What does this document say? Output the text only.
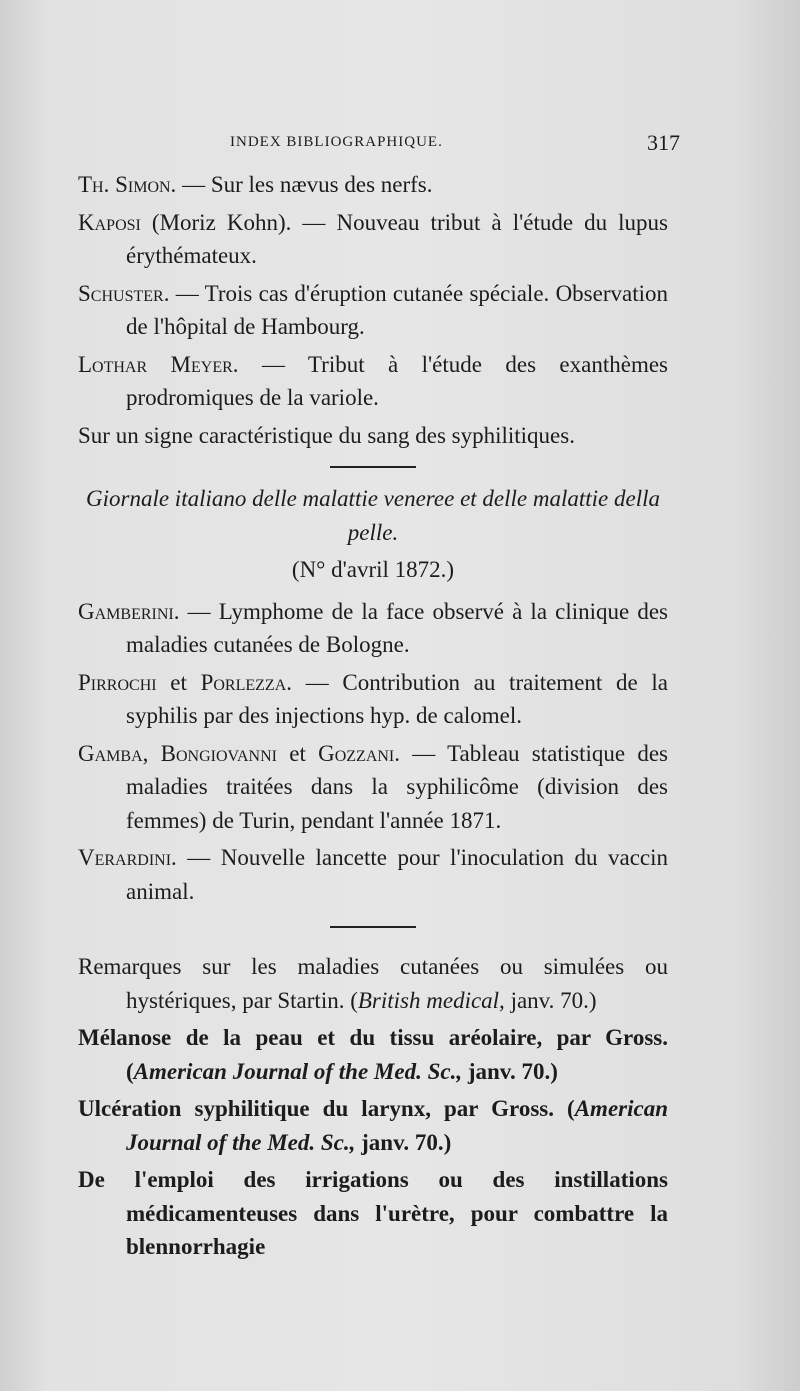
INDEX BIBLIOGRAPHIQUE.	317

Th. Simon. — Sur les nævus des nerfs.

Kaposi (Moriz Kohn). — Nouveau tribut à l'étude du lupus érythémateux.

Schuster. — Trois cas d'éruption cutanée spéciale. Observation de l'hôpital de Hambourg.

Lothar Meyer. — Tribut à l'étude des exanthèmes prodromiques de la variole.

Sur un signe caractéristique du sang des syphilitiques.

Giornale italiano delle malattie veneree et delle malattie della pelle.

(N° d'avril 1872.)

Gamberini. — Lymphome de la face observé à la clinique des maladies cutanées de Bologne.

Pirrochi et Porlezza. — Contribution au traitement de la syphilis par des injections hyp. de calomel.

Gamba, Bongiovanni et Gozzani. — Tableau statistique des maladies traitées dans la syphilicôme (division des femmes) de Turin, pendant l'année 1871.

Verardini. — Nouvelle lancette pour l'inoculation du vaccin animal.

Remarques sur les maladies cutanées ou simulées ou hystériques, par Startin. (British medical, janv. 70.)

Mélanose de la peau et du tissu aréolaire, par Gross. (American Journal of the Med. Sc., janv. 70.)

Ulcération syphilitique du larynx, par Gross. (American Journal of the Med. Sc., janv. 70.)

De l'emploi des irrigations ou des instillations médicamenteuses dans l'urètre, pour combattre la blennorrhagie
